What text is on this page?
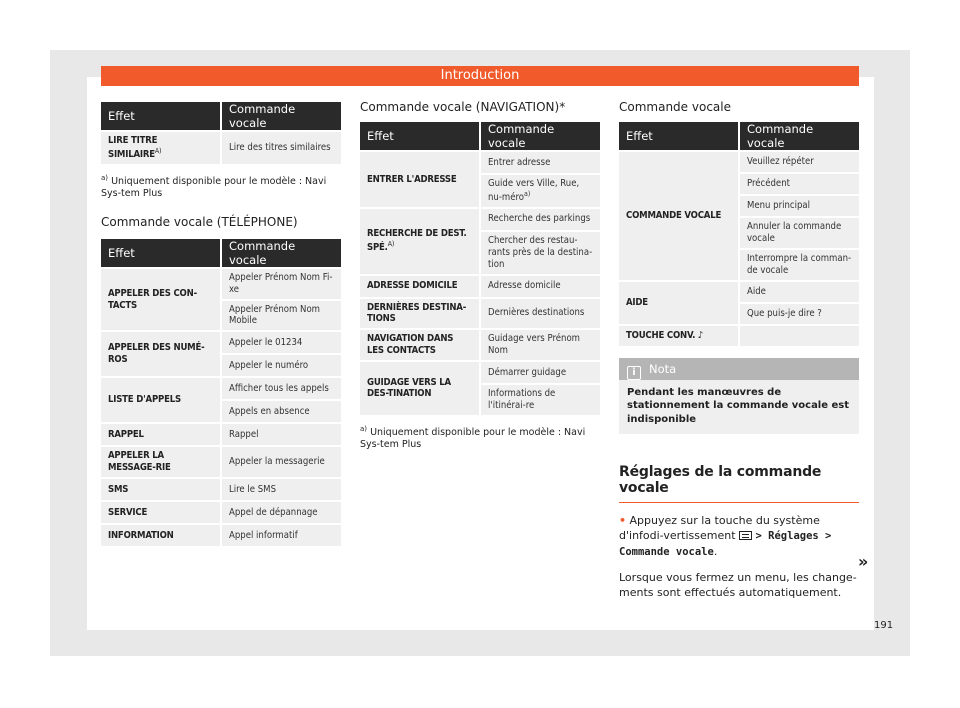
Introduction
Effet	Commande vocale
LIRE TITRE $SIMILAIRE^{A)}$	Lire des titres similaires
$^{a)}$ Uniquement disponible pour le modèle : Navi Sys-tem Plus
Commande vocale (TÉLÉPHONE)
Effet	Commande vocale
APPELER DES CON-TACTS	Appeler Prénom Nom Fi-xe
	Appeler Prénom Nom Mobile
APPELER DES NUMÉ-ROS	Appeler le 01234
	Appeler le numéro
LISTE D'APPELS	Afficher tous les appels
	Appels en absence
RAPPEL	Rappel
APPELER LA MESSAGE-RIE	Appeler la messagerie
SMS	Lire le SMS
SERVICE	Appel de dépannage
INFORMATION	Appel informatif
Commande vocale (NAVIGATION)*
Effet	Commande vocale
ENTRER L'ADRESSE	Entrer adresse
	Guide vers Ville, Rue, nu-méro$^{a)}$
RECHERCHE DE DEST. SPÉ.$^{A)}$	Recherche des parkings
	Chercher des restau-rants près de la destina-tion
ADRESSE DOMICILE	Adresse domicile
DERNIÈRES DESTINA-TIONS	Dernières destinations
NAVIGATION DANS LES CONTACTS	Guidage vers Prénom Nom
GUIDAGE VERS LA DES-TINATION	Démarrer guidage
	Informations de l'itinérai-re
$^{a)}$ Uniquement disponible pour le modèle : Navi Sys-tem Plus
Commande vocale
Effet	Commande vocale
COMMANDE VOCALE	Veuillez répéter
	Précédent
	Menu principal
	Annuler la commande vocale
	Interrompre la comman-de vocale
AIDE	Aide
	Que puis-je dire ?
TOUCHE CONV. ♪	
i Nota
Pendant les manœuvres de stationnement la commande vocale est indisponible
Réglages de la commande vocale
• Appuyez sur la touche du système d'infodi-vertissement > Réglages > Commande vocale.
Lorsque vous fermez un menu, les change-ments sont effectués automatiquement.
»
191
